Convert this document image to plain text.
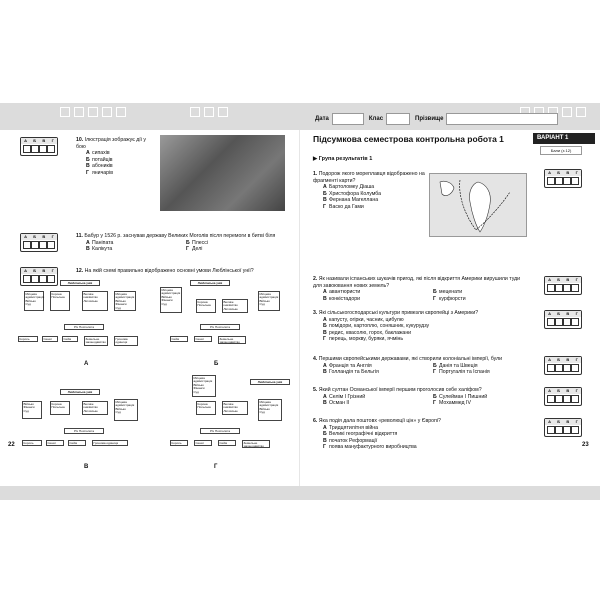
Дата	Клас	Прізвище
А Б В Г	10. Ілюстрація зображує дії у бою
А сипахів
Б потайців
В абоників
Г яничарів
А Б В Г	11. Бабур у 1526 р. заснував державу Великих Моголів після перемоги в битві біля
А Паніпата
В Калікута
Б Плессі
Г Делі
А Б В Г	12. На якій схемі правильно відображено основні умови Люблінської унії?
Люблінська унія
Місцева адміністрація
Військо
Суд
Корона Польська
Велике князівство Литовське
Місцева адміністрація
Військо
Фінанси
Суд
Річ Посполита
Король	Сенат	Сейм	Земельне законодавство
Грошова одиниця
А
Люблінська унія
Місцева адміністрація
Військо
Фінанси
Суд	Корона Польська
Велике князівство Литовське
Місцева адміністрація
Військо
Суд
Річ Посполита
Сейм	Сенат	Земельне законодавство
Б
Люблінська унія
Військо
Фінанси
Суд
Корона Польська
Велике князівство Литовське
Місцева адміністрація
Військо
Суд
Річ Посполита
Король	Сенат	Сейм	Грошова одиниця
В
Місцева адміністрація
Військо
Фінанси
Суд
Люблінська унія
Корона Польська
Велике князівство Литовське
Місцева адміністрація
Військо
Суд
Річ Посполита
Король	Сенат	Сейм	Земельне законодавство
Г
Підсумкова семестрова контрольна робота 1	ВАРІАНТ 1
Бали (з 12)
▶ Група результатів 1
А Б В Г
1. Подорож якого мореплавця відображено на фрагменті карти?
А Бартоломеу Діаша
Б Христофора Колумба
В Фернана Магеллана
Г Васко да Гами
А Б В Г
2. Як називали іспанських шукачів пригод, які після відкриття Америки вирушили туди для завоювання нових земель?
А авантюристи
В конкістадори
Б меценати
Г курфюрсти
А Б В Г
3. Які сільськогосподарські культури привезли європейці з Америки?
А капусту, огірки, часник, цибулю
Б помідори, картоплю, соняшник, кукурудзу
В редис, квасолю, горох, баклажани
Г перець, моркву, буряки, ячмінь
А Б В Г
4. Першими європейськими державами, які створили колоніальні імперії, були
А Франція та Англія
В Голландія та Бельгія
Б Данія та Швеція
Г Португалія та Іспанія
А Б В Г
5. Який султан Османської імперії першим проголосив себе халіфом?
А Селім І Грізний
В Осман ІІ
Б Сулейман І Пишний
Г Мохаммед IV
А Б В Г
6. Яка подія дала поштовх «революції цін» у Європі?
А Тридцятилітня війна
Б Великі географічні відкриття
В початок Реформації
Г поява мануфактурного виробництва
22	23
